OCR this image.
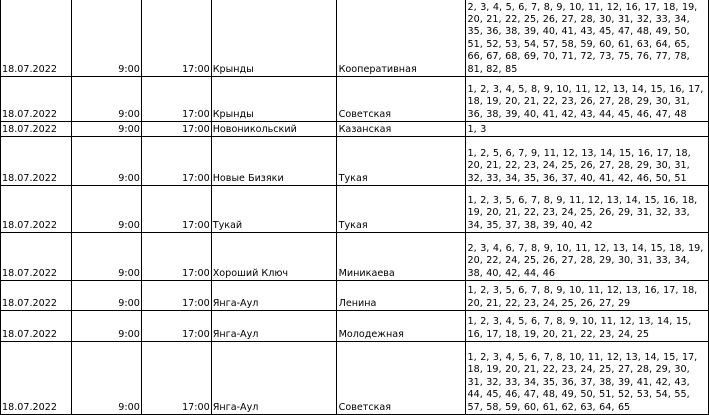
18.07.2022	9:00	17:00	Крынды	Кооперативная	2, 3, 4, 5, 6, 7, 8, 9, 10, 11, 12, 16, 17, 18, 19, 20, 21, 22, 25, 26, 27, 28, 30, 31, 32, 33, 34, 35, 36, 38, 39, 40, 41, 43, 45, 47, 48, 49, 50, 51, 52, 53, 54, 57, 58, 59, 60, 61, 63, 64, 65, 66, 67, 68, 69, 70, 71, 72, 73, 75, 76, 77, 78, 81, 82, 85
18.07.2022	9:00	17:00	Крынды	Советская	1, 2, 3, 4, 5, 8, 9, 10, 11, 12, 13, 14, 15, 16, 17, 18, 19, 20, 21, 22, 23, 26, 27, 28, 29, 30, 31, 36, 38, 39, 40, 41, 42, 43, 44, 45, 46, 47, 48
18.07.2022	9:00	17:00	Новоникольский	Казанская	1, 3
18.07.2022	9:00	17:00	Новые Бизяки	Тукая	1, 2, 5, 6, 7, 9, 11, 12, 13, 14, 15, 16, 17, 18, 20, 21, 22, 23, 24, 25, 26, 27, 28, 29, 30, 31, 32, 33, 34, 35, 36, 37, 40, 41, 42, 46, 50, 51
18.07.2022	9:00	17:00	Тукай	Тукая	1, 2, 3, 5, 6, 7, 8, 9, 11, 12, 13, 14, 15, 16, 18, 19, 20, 21, 22, 23, 24, 25, 26, 29, 31, 32, 33, 34, 35, 37, 38, 39, 40, 42
18.07.2022	9:00	17:00	Хороший Ключ	Миникаева	2, 3, 4, 6, 7, 8, 9, 10, 11, 12, 13, 14, 15, 18, 19, 20, 22, 24, 25, 26, 27, 28, 29, 30, 31, 33, 34, 38, 40, 42, 44, 46
18.07.2022	9:00	17:00	Янга-Аул	Ленина	1, 2, 3, 5, 6, 7, 8, 9, 10, 11, 12, 13, 16, 17, 18, 20, 21, 22, 23, 24, 25, 26, 27, 29
18.07.2022	9:00	17:00	Янга-Аул	Молодежная	1, 2, 3, 4, 5, 6, 7, 8, 9, 10, 11, 12, 13, 14, 15, 16, 17, 18, 19, 20, 21, 22, 23, 24, 25
18.07.2022	9:00	17:00	Янга-Аул	Советская	1, 2, 3, 4, 5, 6, 7, 8, 10, 11, 12, 13, 14, 15, 17, 18, 19, 20, 21, 22, 23, 24, 25, 27, 28, 29, 30, 31, 32, 33, 34, 35, 36, 37, 38, 39, 41, 42, 43, 44, 45, 46, 47, 48, 49, 50, 51, 52, 53, 54, 55, 57, 58, 59, 60, 61, 62, 63, 64, 65
